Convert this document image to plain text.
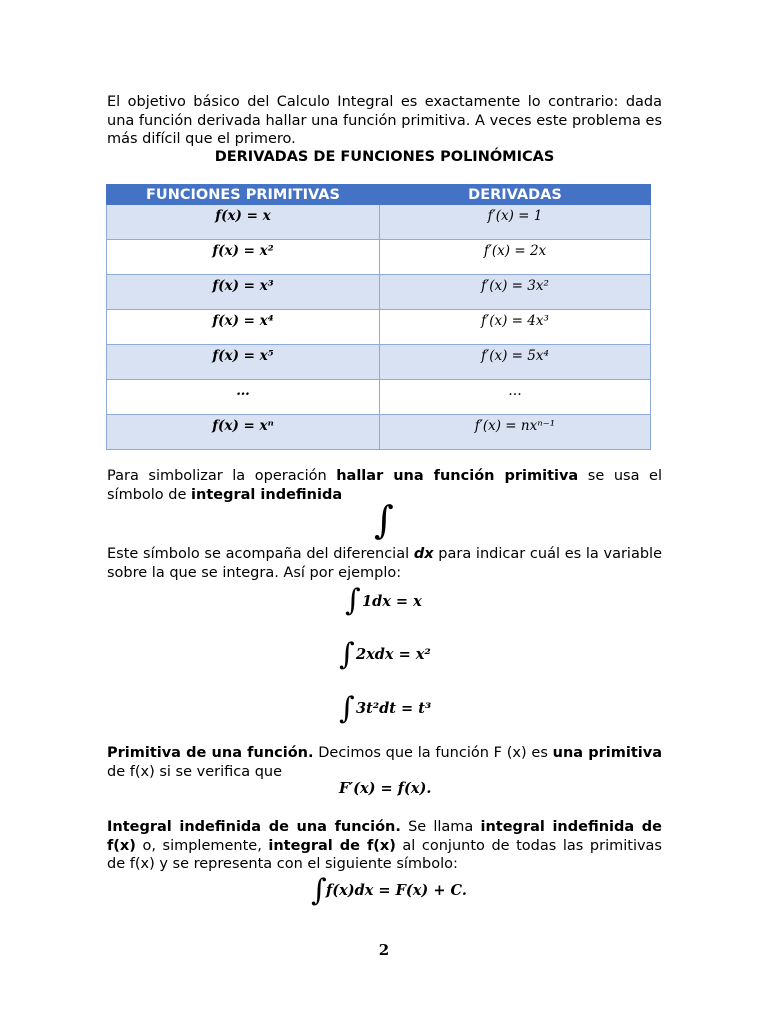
El objetivo básico del Calculo Integral es exactamente lo contrario: dada una función derivada hallar una función primitiva. A veces este problema es más difícil que el primero.

DERIVADAS DE FUNCIONES POLINÓMICAS
FUNCIONES PRIMITIVAS	DERIVADAS
f(x) = x	f′(x) = 1
f(x) = x²	f′(x) = 2x
f(x) = x³	f′(x) = 3x²
f(x) = x⁴	f′(x) = 4x³
f(x) = x⁵	f′(x) = 5x⁴
…	…
f(x) = xⁿ	f′(x) = nxⁿ⁻¹

Para simbolizar la operación hallar una función primitiva se usa el símbolo de integral indefinida

∫

Este símbolo se acompaña del diferencial dx para indicar cuál es la variable sobre la que se integra. Así por ejemplo:

∫ 1dx = x
∫ 2xdx = x²
∫ 3t²dt = t³

Primitiva de una función. Decimos que la función F (x) es una primitiva de f(x) si se verifica que

F′(x) = f(x).

Integral indefinida de una función. Se llama integral indefinida de f(x) o, simplemente, integral de f(x) al conjunto de todas las primitivas de f(x) y se representa con el siguiente símbolo:

∫ f(x)dx = F(x) + C.
2
